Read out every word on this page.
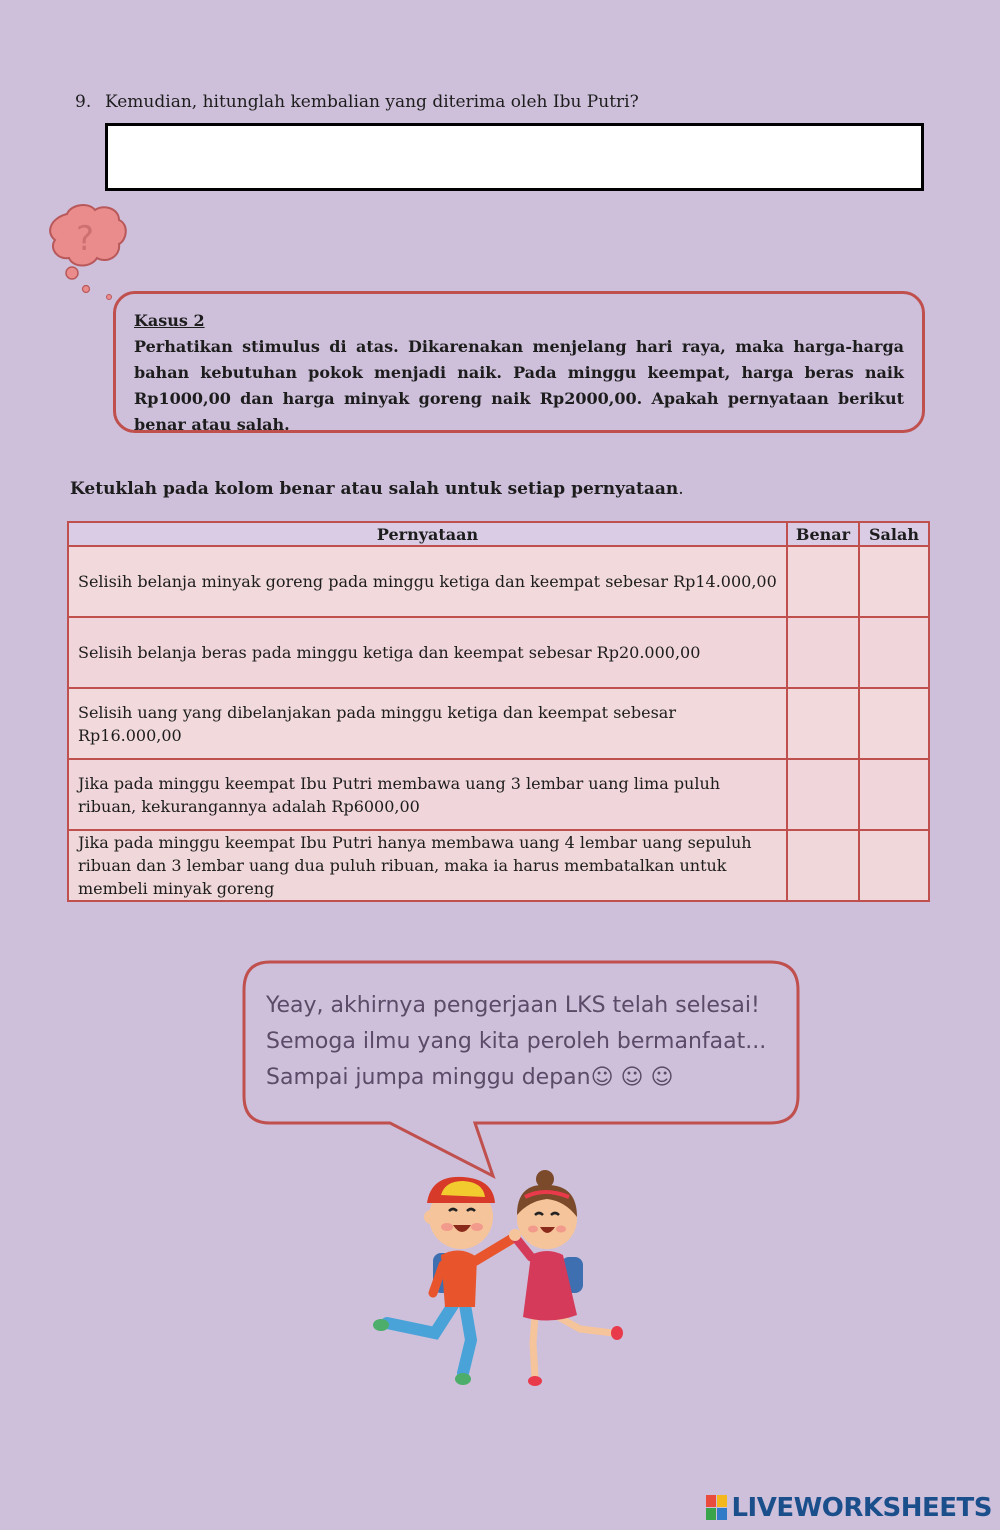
9. Kemudian, hitunglah kembalian yang diterima oleh Ibu Putri?
?
Kasus 2
Perhatikan stimulus di atas. Dikarenakan menjelang hari raya, maka harga-harga bahan kebutuhan pokok menjadi naik. Pada minggu keempat, harga beras naik Rp1000,00 dan harga minyak goreng naik Rp2000,00. Apakah pernyataan berikut benar atau salah.
Ketuklah pada kolom benar atau salah untuk setiap pernyataan.
Pernyataan	Benar	Salah
Selisih belanja minyak goreng pada minggu ketiga dan keempat sebesar Rp14.000,00		
Selisih belanja beras pada minggu ketiga dan keempat sebesar Rp20.000,00		
Selisih uang yang dibelanjakan pada minggu ketiga dan keempat sebesar Rp16.000,00		
Jika pada minggu keempat Ibu Putri membawa uang 3 lembar uang lima puluh ribuan, kekurangannya adalah Rp6000,00		
Jika pada minggu keempat Ibu Putri hanya membawa uang 4 lembar uang sepuluh ribuan dan 3 lembar uang dua puluh ribuan, maka ia harus membatalkan untuk membeli minyak goreng		
Yeay, akhirnya pengerjaan LKS telah selesai!
Semoga ilmu yang kita peroleh bermanfaat...
Sampai jumpa minggu depan☺ ☺ ☺
LIVEWORKSHEETS
